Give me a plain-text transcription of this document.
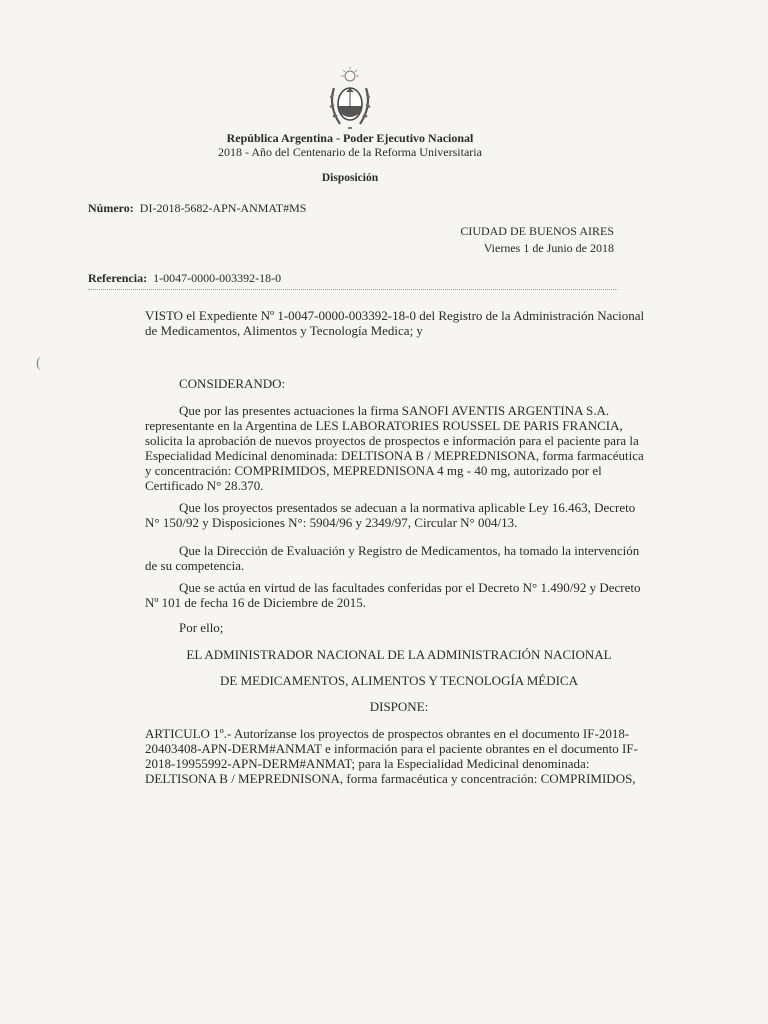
República Argentina - Poder Ejecutivo Nacional
2018 - Año del Centenario de la Reforma Universitaria
Disposición
Número: DI-2018-5682-APN-ANMAT#MS
CIUDAD DE BUENOS AIRES
Viernes 1 de Junio de 2018
Referencia: 1-0047-0000-003392-18-0
(
VISTO el Expediente Nº 1-0047-0000-003392-18-0 del Registro de la Administración Nacional de Medicamentos, Alimentos y Tecnología Medica; y
CONSIDERANDO:
Que por las presentes actuaciones la firma SANOFI AVENTIS ARGENTINA S.A. representante en la Argentina de LES LABORATORIES ROUSSEL DE PARIS FRANCIA, solicita la aprobación de nuevos proyectos de prospectos e información para el paciente para la Especialidad Medicinal denominada: DELTISONA B / MEPREDNISONA, forma farmacéutica y concentración: COMPRIMIDOS, MEPREDNISONA 4 mg - 40 mg, autorizado por el Certificado N° 28.370.
Que los proyectos presentados se adecuan a la normativa aplicable Ley 16.463, Decreto N° 150/92 y Disposiciones N°: 5904/96 y 2349/97, Circular N° 004/13.
Que la Dirección de Evaluación y Registro de Medicamentos, ha tomado la intervención de su competencia.
Que se actúa en virtud de las facultades conferidas por el Decreto N° 1.490/92 y Decreto Nº 101 de fecha 16 de Diciembre de 2015.
Por ello;
EL ADMINISTRADOR NACIONAL DE LA ADMINISTRACIÓN NACIONAL
DE MEDICAMENTOS, ALIMENTOS Y TECNOLOGÍA MÉDICA
DISPONE:
ARTICULO 1º.- Autorízanse los proyectos de prospectos obrantes en el documento IF-2018-20403408-APN-DERM#ANMAT e información para el paciente obrantes en el documento IF-2018-19955992-APN-DERM#ANMAT; para la Especialidad Medicinal denominada: DELTISONA B / MEPREDNISONA, forma farmacéutica y concentración: COMPRIMIDOS,
